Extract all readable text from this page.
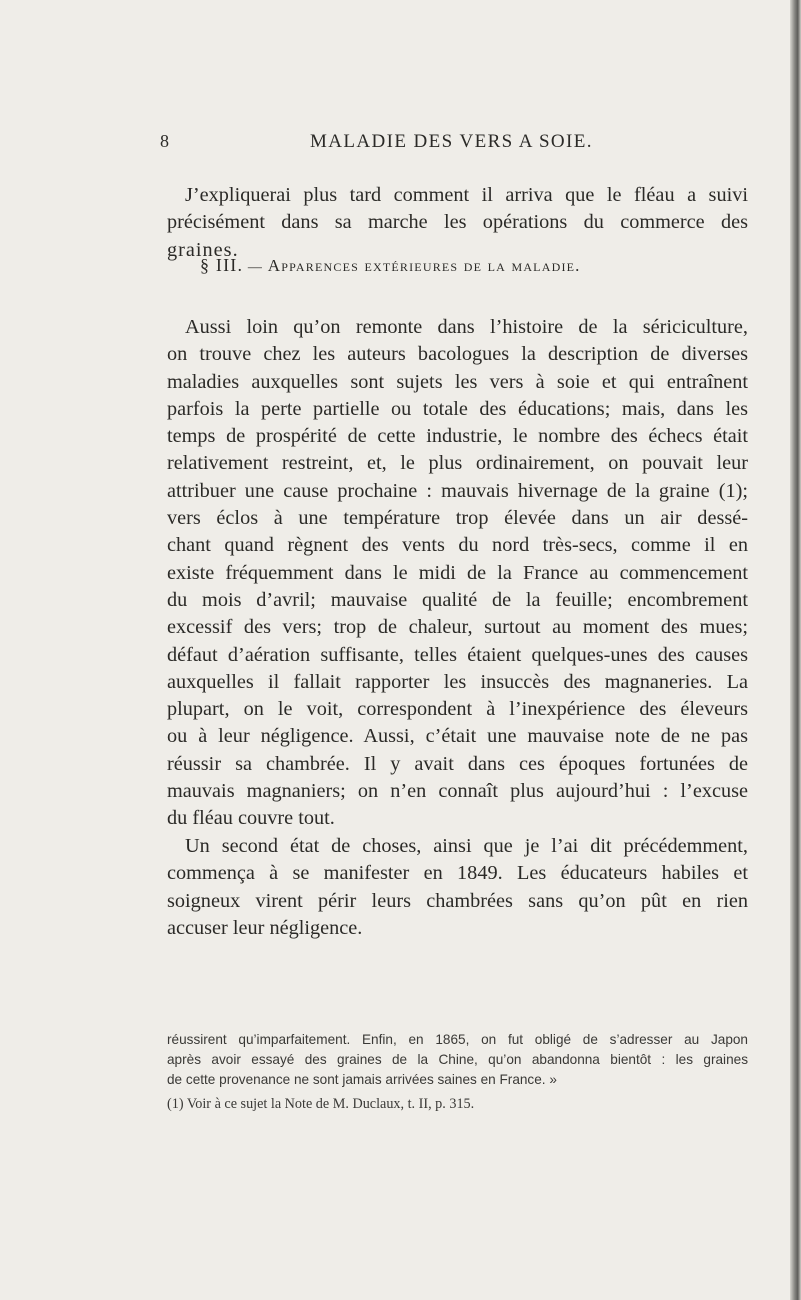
8	MALADIE DES VERS A SOIE.
J’expliquerai plus tard comment il arriva que le fléau a suivi
précisément dans sa marche les opérations du commerce des
graines.
§ III. — Apparences extérieures de la maladie.
Aussi loin qu’on remonte dans l’histoire de la sériciculture,
on trouve chez les auteurs bacologues la description de diverses
maladies auxquelles sont sujets les vers à soie et qui entraînent
parfois la perte partielle ou totale des éducations; mais, dans les
temps de prospérité de cette industrie, le nombre des échecs était
relativement restreint, et, le plus ordinairement, on pouvait leur
attribuer une cause prochaine : mauvais hivernage de la graine (1);
vers éclos à une température trop élevée dans un air dessé-
chant quand règnent des vents du nord très-secs, comme il en
existe fréquemment dans le midi de la France au commencement
du mois d’avril; mauvaise qualité de la feuille; encombrement
excessif des vers; trop de chaleur, surtout au moment des mues;
défaut d’aération suffisante, telles étaient quelques-unes des causes
auxquelles il fallait rapporter les insuccès des magnaneries. La
plupart, on le voit, correspondent à l’inexpérience des éleveurs
ou à leur négligence. Aussi, c’était une mauvaise note de ne pas
réussir sa chambrée. Il y avait dans ces époques fortunées de
mauvais magnaniers; on n’en connaît plus aujourd’hui : l’excuse
du fléau couvre tout.
Un second état de choses, ainsi que je l’ai dit précédemment,
commença à se manifester en 1849. Les éducateurs habiles et
soigneux virent périr leurs chambrées sans qu’on pût en rien
accuser leur négligence.
réussirent qu’imparfaitement. Enfin, en 1865, on fut obligé de s’adresser au Japon
après avoir essayé des graines de la Chine, qu’on abandonna bientôt : les graines
de cette provenance ne sont jamais arrivées saines en France. »
(1) Voir à ce sujet la Note de M. Duclaux, t. II, p. 315.
